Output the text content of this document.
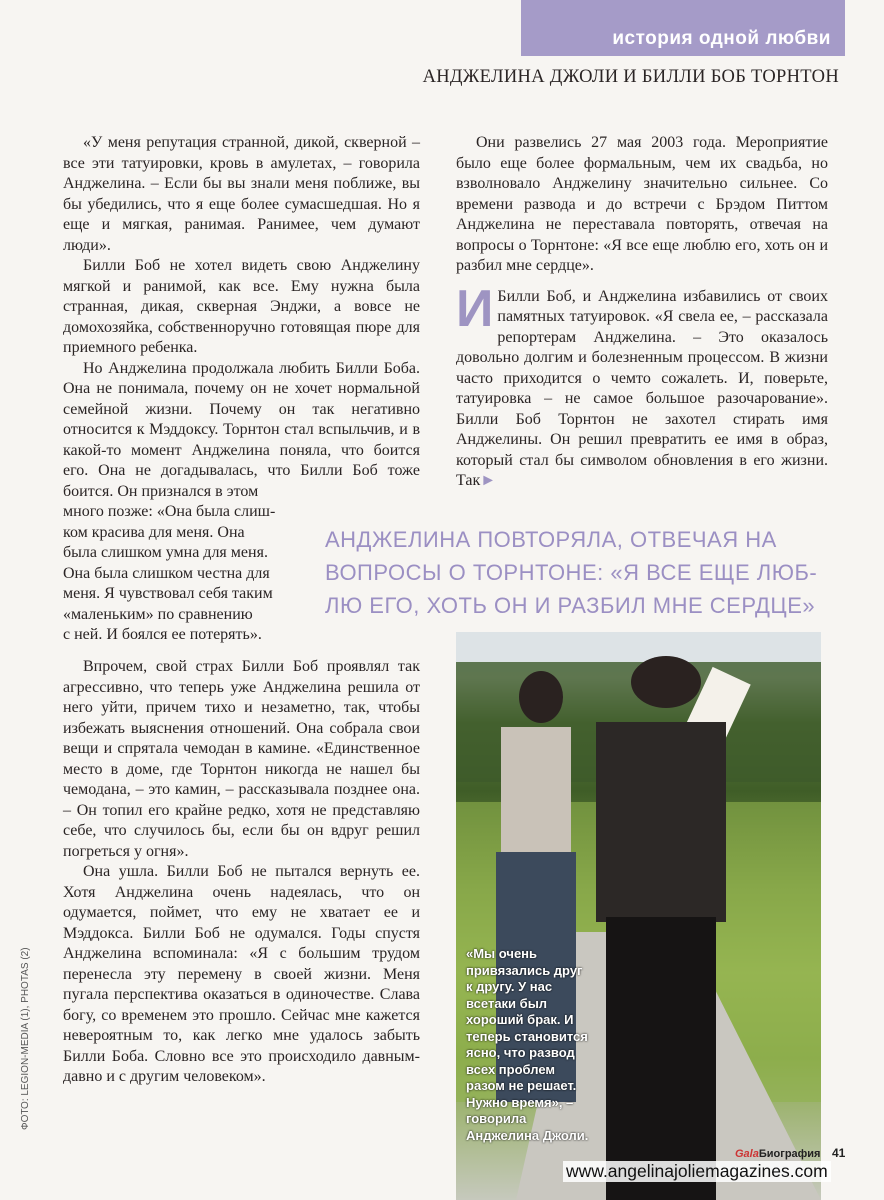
история одной любви
АНДЖЕЛИНА ДЖОЛИ И БИЛЛИ БОБ ТОРНТОН

«У меня репутация странной, дикой, скверной – все эти татуировки, кровь в амулетах, – говорила Анджелина. – Если бы вы знали меня поближе, вы бы убедились, что я еще более сумасшедшая. Но я еще и мягкая, ранимая. Ранимее, чем думают люди».

Билли Боб не хотел видеть свою Анджелину мягкой и ранимой, как все. Ему нужна была странная, дикая, скверная Энджи, а вовсе не домохозяйка, собственноручно готовящая пюре для приемного ребенка.

Но Анджелина продолжала любить Билли Боба. Она не понимала, почему он не хочет нормальной семейной жизни. Почему он так негативно относится к Мэддоксу. Торнтон стал вспыльчив, и в какой-то момент Анджелина поняла, что боится его. Она не догадывалась, что Билли Боб тоже боится. Он признался в этом

много позже: «Она была слиш-
ком красива для меня. Она
была слишком умна для меня.
Она была слишком честна для
меня. Я чувствовал себя таким
«маленьким» по сравнению
с ней. И боялся ее потерять».

Впрочем, свой страх Билли Боб проявлял так агрессивно, что теперь уже Анджелина решила от него уйти, причем тихо и незаметно, так, чтобы избежать выяснения отношений. Она собрала свои вещи и спрятала чемодан в камине. «Единственное место в доме, где Торнтон никогда не нашел бы чемодана, – это камин, – рассказывала позднее она. – Он топил его крайне редко, хотя не представляю себе, что случилось бы, если бы он вдруг решил погреться у огня».

Она ушла. Билли Боб не пытался вернуть ее. Хотя Анджелина очень надеялась, что он одумается, поймет, что ему не хватает ее и Мэддокса. Билли Боб не одумался. Годы спустя Анджелина вспоминала: «Я с большим трудом перенесла эту перемену в своей жизни. Меня пугала перспектива оказаться в одиночестве. Слава богу, со временем это прошло. Сейчас мне кажется невероятным то, как легко мне удалось забыть Билли Боба. Словно все это происходило давным-давно и с другим человеком».

Они развелись 27 мая 2003 года. Мероприятие было еще более формальным, чем их свадьба, но взволновало Анджелину значительно сильнее. Со времени развода и до встречи с Брэдом Питтом Анджелина не переставала повторять, отвечая на вопросы о Торнтоне: «Я все еще люблю его, хоть он и разбил мне сердце».

И Билли Боб, и Анджелина избавились от своих памятных татуировок. «Я свела ее, – рассказала репортерам Анджелина. – Это оказалось довольно долгим и болезненным процессом. В жизни часто приходится о чемто сожалеть. И, поверьте, татуировка – не самое большое разочарование». Билли Боб Торнтон не захотел стирать имя Анджелины. Он решил превратить ее имя в образ, который стал бы символом обновления в его жизни. Так►

АНДЖЕЛИНА ПОВТОРЯЛА, ОТВЕЧАЯ НА
ВОПРОСЫ О ТОРНТОНЕ: «Я ВСЕ ЕЩЕ ЛЮБ-
ЛЮ ЕГО, ХОТЬ ОН И РАЗБИЛ МНЕ СЕРДЦЕ»
«Мы очень привязались друг к другу. У нас всетаки был хороший брак. И теперь становится ясно, что развод всех проблем разом не решает. Нужно время», – говорила Анджелина Джоли.
ФОТО: LEGION-MEDIA (1), PHOTAS (2)
GalaБиография 41
www.angelinajoliemagazines.com
